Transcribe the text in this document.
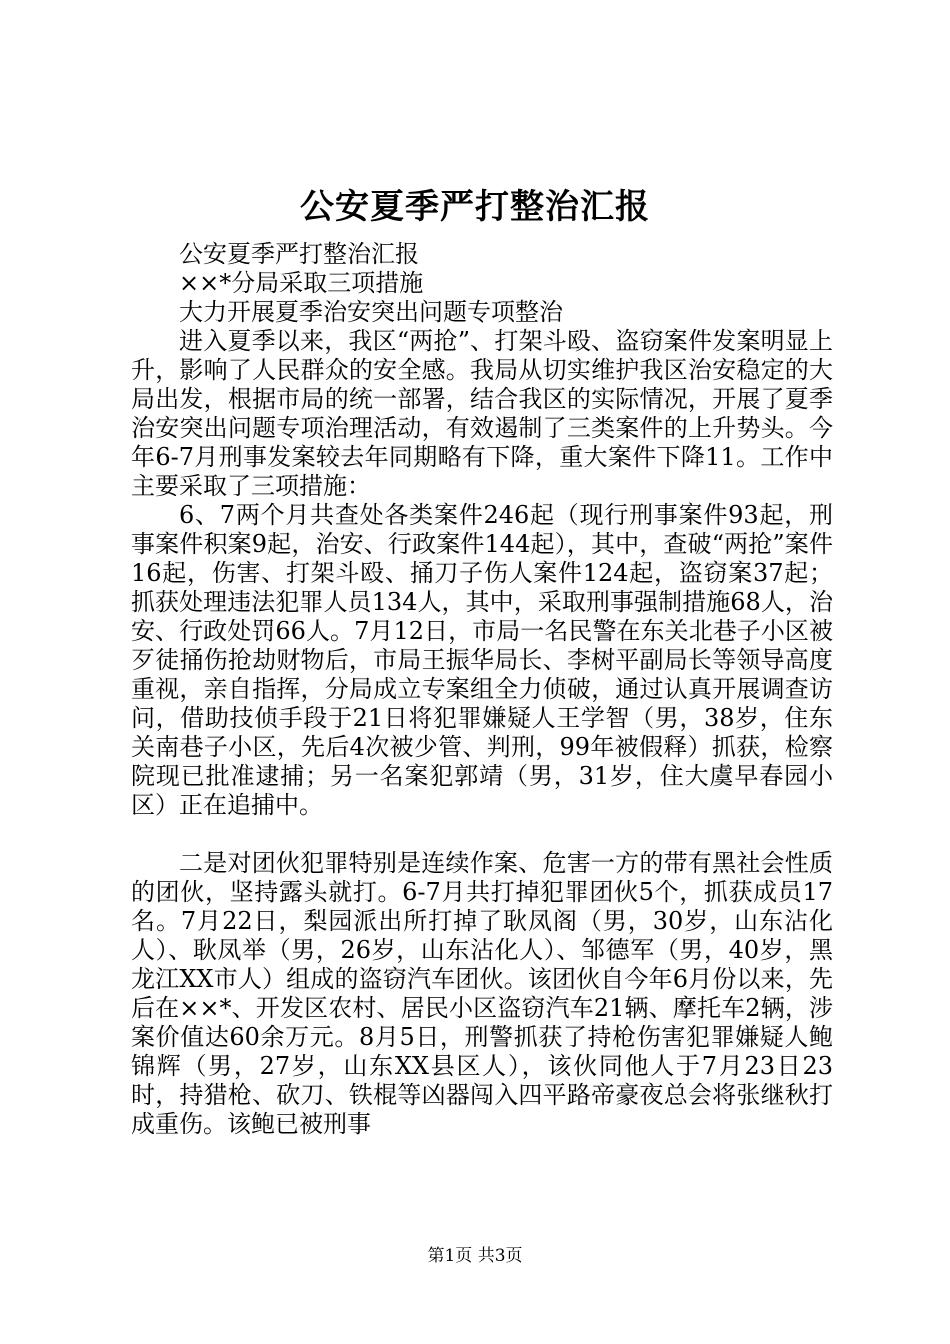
公安夏季严打整治汇报

公安夏季严打整治汇报

××*分局采取三项措施

大力开展夏季治安突出问题专项整治

进入夏季以来，我区“两抢”、打架斗殴、盗窃案件发案明显上升，影响了人民群众的安全感。我局从切实维护我区治安稳定的大局出发，根据市局的统一部署，结合我区的实际情况，开展了夏季治安突出问题专项治理活动，有效遏制了三类案件的上升势头。今年6-7月刑事发案较去年同期略有下降，重大案件下降11。工作中主要采取了三项措施：

6、7两个月共查处各类案件246起（现行刑事案件93起，刑事案件积案9起，治安、行政案件144起），其中，查破“两抢”案件16起，伤害、打架斗殴、捅刀子伤人案件124起，盗窃案37起；抓获处理违法犯罪人员134人，其中，采取刑事强制措施68人，治安、行政处罚66人。7月12日，市局一名民警在东关北巷子小区被歹徒捅伤抢劫财物后，市局王振华局长、李树平副局长等领导高度重视，亲自指挥，分局成立专案组全力侦破，通过认真开展调查访问，借助技侦手段于21日将犯罪嫌疑人王学智（男，38岁，住东关南巷子小区，先后4次被少管、判刑，99年被假释）抓获，检察院现已批准逮捕；另一名案犯郭靖（男，31岁，住大虞早春园小区）正在追捕中。

二是对团伙犯罪特别是连续作案、危害一方的带有黑社会性质的团伙，坚持露头就打。6-7月共打掉犯罪团伙5个，抓获成员17名。7月22日，梨园派出所打掉了耿凤阁（男，30岁，山东沾化人）、耿凤举（男，26岁，山东沾化人）、邹德军（男，40岁，黑龙江XX市人）组成的盗窃汽车团伙。该团伙自今年6月份以来，先后在××*、开发区农村、居民小区盗窃汽车21辆、摩托车2辆，涉案价值达60余万元。8月5日，刑警抓获了持枪伤害犯罪嫌疑人鲍锦辉（男，27岁，山东XX县区人），该伙同他人于7月23日23时，持猎枪、砍刀、铁棍等凶器闯入四平路帝豪夜总会将张继秋打成重伤。该鲍已被刑事

第1页 共3页
